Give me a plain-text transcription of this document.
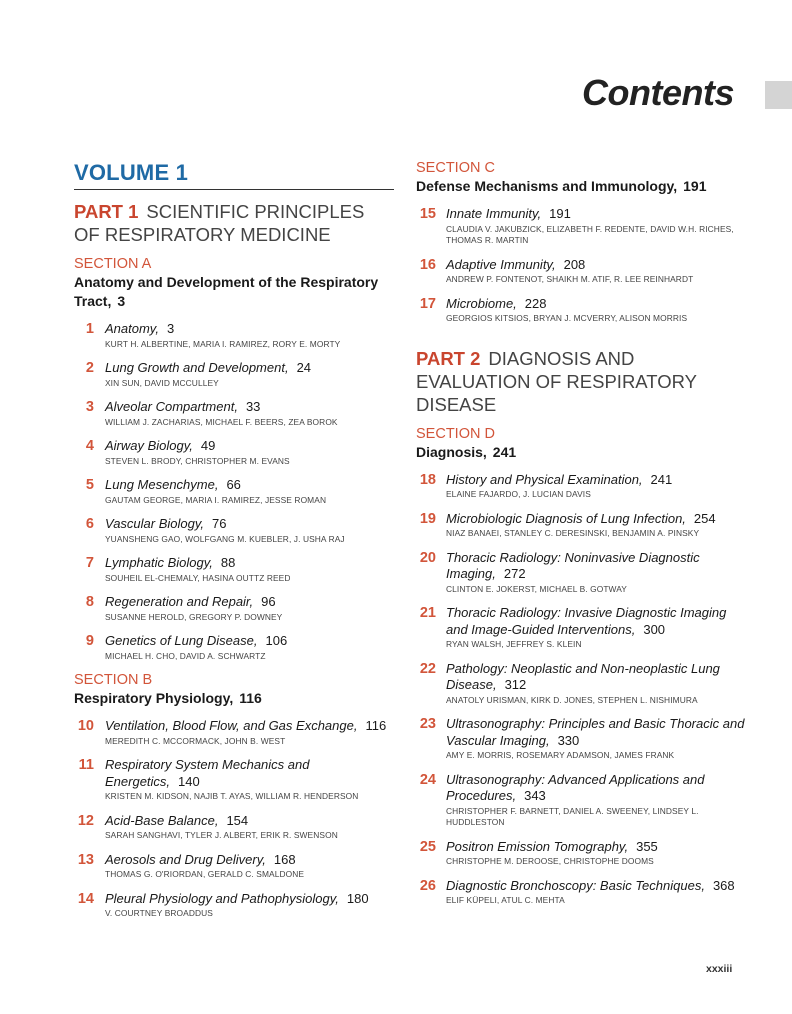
Contents
VOLUME 1
PART 1 SCIENTIFIC PRINCIPLES OF RESPIRATORY MEDICINE
SECTION A
Anatomy and Development of the Respiratory Tract, 3
1 Anatomy, 3
KURT H. ALBERTINE, MARIA I. RAMIREZ, RORY E. MORTY
2 Lung Growth and Development, 24
XIN SUN, DAVID MCCULLEY
3 Alveolar Compartment, 33
WILLIAM J. ZACHARIAS, MICHAEL F. BEERS, ZEA BOROK
4 Airway Biology, 49
STEVEN L. BRODY, CHRISTOPHER M. EVANS
5 Lung Mesenchyme, 66
GAUTAM GEORGE, MARIA I. RAMIREZ, JESSE ROMAN
6 Vascular Biology, 76
YUANSHENG GAO, WOLFGANG M. KUEBLER, J. USHA RAJ
7 Lymphatic Biology, 88
SOUHEIL EL-CHEMALY, HASINA OUTTZ REED
8 Regeneration and Repair, 96
SUSANNE HEROLD, GREGORY P. DOWNEY
9 Genetics of Lung Disease, 106
MICHAEL H. CHO, DAVID A. SCHWARTZ
SECTION B
Respiratory Physiology, 116
10 Ventilation, Blood Flow, and Gas Exchange, 116
MEREDITH C. MCCORMACK, JOHN B. WEST
11 Respiratory System Mechanics and Energetics, 140
KRISTEN M. KIDSON, NAJIB T. AYAS, WILLIAM R. HENDERSON
12 Acid-Base Balance, 154
SARAH SANGHAVI, TYLER J. ALBERT, ERIK R. SWENSON
13 Aerosols and Drug Delivery, 168
THOMAS G. O'RIORDAN, GERALD C. SMALDONE
14 Pleural Physiology and Pathophysiology, 180
V. COURTNEY BROADDUS
SECTION C
Defense Mechanisms and Immunology, 191
15 Innate Immunity, 191
CLAUDIA V. JAKUBZICK, ELIZABETH F. REDENTE, DAVID W.H. RICHES, THOMAS R. MARTIN
16 Adaptive Immunity, 208
ANDREW P. FONTENOT, SHAIKH M. ATIF, R. LEE REINHARDT
17 Microbiome, 228
GEORGIOS KITSIOS, BRYAN J. MCVERRY, ALISON MORRIS
PART 2 DIAGNOSIS AND EVALUATION OF RESPIRATORY DISEASE
SECTION D
Diagnosis, 241
18 History and Physical Examination, 241
ELAINE FAJARDO, J. LUCIAN DAVIS
19 Microbiologic Diagnosis of Lung Infection, 254
NIAZ BANAEI, STANLEY C. DERESINSKI, BENJAMIN A. PINSKY
20 Thoracic Radiology: Noninvasive Diagnostic Imaging, 272
CLINTON E. JOKERST, MICHAEL B. GOTWAY
21 Thoracic Radiology: Invasive Diagnostic Imaging and Image-Guided Interventions, 300
RYAN WALSH, JEFFREY S. KLEIN
22 Pathology: Neoplastic and Non-neoplastic Lung Disease, 312
ANATOLY URISMAN, KIRK D. JONES, STEPHEN L. NISHIMURA
23 Ultrasonography: Principles and Basic Thoracic and Vascular Imaging, 330
AMY E. MORRIS, ROSEMARY ADAMSON, JAMES FRANK
24 Ultrasonography: Advanced Applications and Procedures, 343
CHRISTOPHER F. BARNETT, DANIEL A. SWEENEY, LINDSEY L. HUDDLESTON
25 Positron Emission Tomography, 355
CHRISTOPHE M. DEROOSE, CHRISTOPHE DOOMS
26 Diagnostic Bronchoscopy: Basic Techniques, 368
ELIF KÜPELI, ATUL C. MEHTA
xxxiii
